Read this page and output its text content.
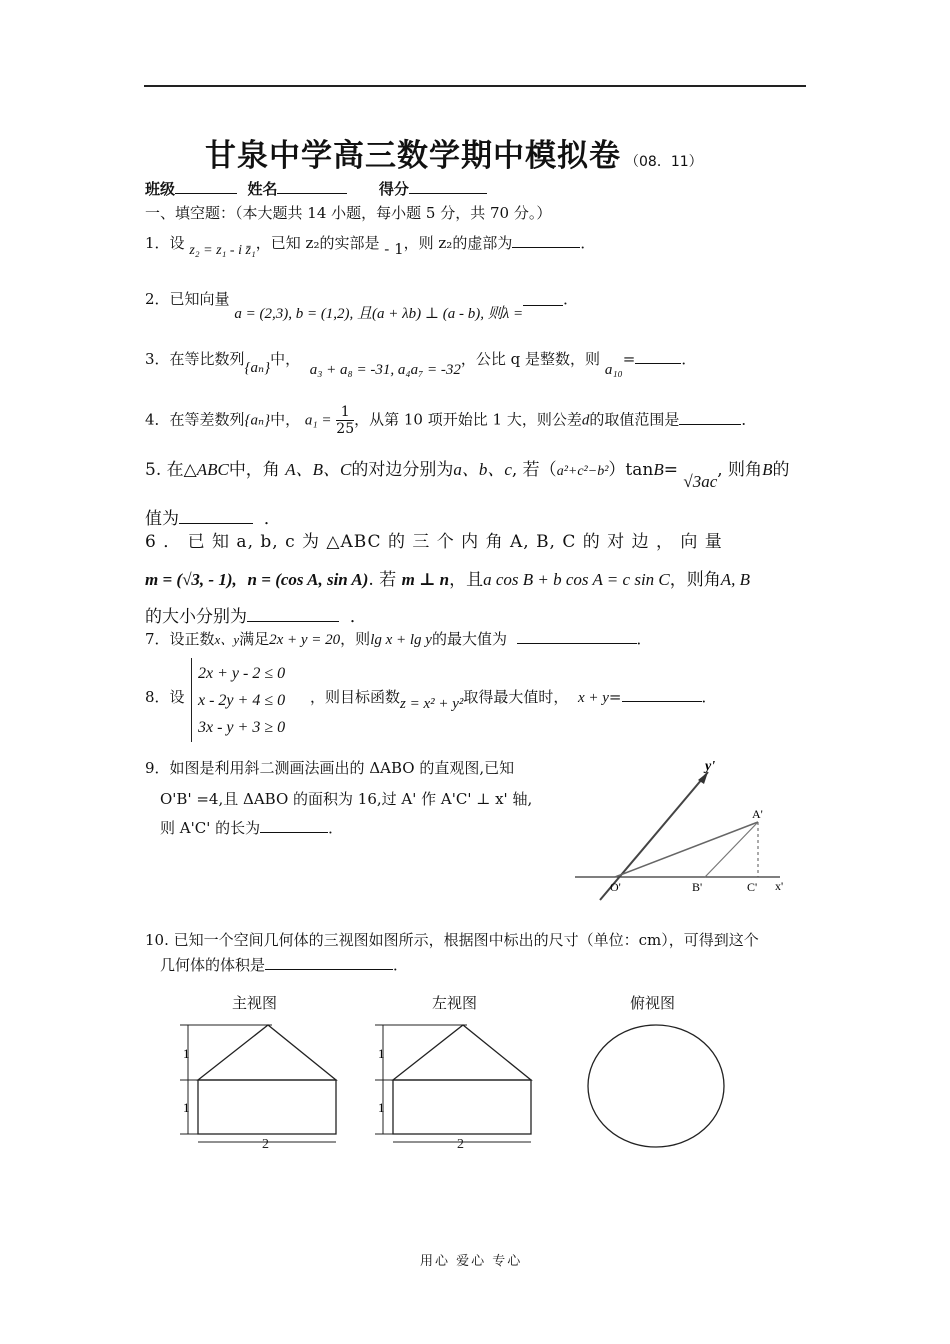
甘泉中学高三数学期中模拟卷 （08．11）
班级	姓名	得分
一、填空题：（本大题共 14 小题，每小题 5 分，共 70 分。）
1．设 z₂ = z₁ - i z̄₁，已知 z₂的实部是 - 1，则 z₂的虚部为	．
2．已知向量 a = (2,3), b = (1,2), 且(a + λb) ⊥ (a - b), 则λ =．
3．在等比数列{aₙ}中，  a₃ + a₈ = -31, a₄a₇ = -32，公比 q 是整数，则 a₁₀=	．
4．在等差数列{aₙ}中， $a_1 = \frac{1}{25}$ ，从第 10 项开始比 1 大，则公差d的取值范围是	．
5. 在△ABC中，角 A、B、C的对边分别为a、b、c, 若（a²+c²−b²）tanB= √3ac, 则角B的
值为	．
6 ． 已 知 a, b, c 为 △ABC 的 三 个 内 角 A, B, C 的 对 边 ， 向 量
m = (√3, - 1), n = (cos A, sin A). 若 m ⊥ n，且a cos B + b cos A = c sin C，则角A, B
的大小分别为	．
7．设正数x、y满足2x + y = 20，则lg x + lg y的最大值为	．
8．设
2x + y - 2 ≤ 0
x - 2y + 4 ≤ 0
3x - y + 3 ≥ 0
，则目标函数z = x² + y²取得最大值时， x + y=	．
9．如图是利用斜二测画法画出的 ΔABO 的直观图,已知
O'B' =4,且 ΔABO 的面积为 16,过 A' 作 A'C' ⊥ x' 轴,
则 A'C' 的长为	．
y'
A'
O'	B'	C' x'
10. 已知一个空间几何体的三视图如图所示，根据图中标出的尺寸（单位：cm），可得到这个
几何体的体积是	．
主视图	左视图	俯视图
1
1
2
1
1
2
用心 爱心 专心
